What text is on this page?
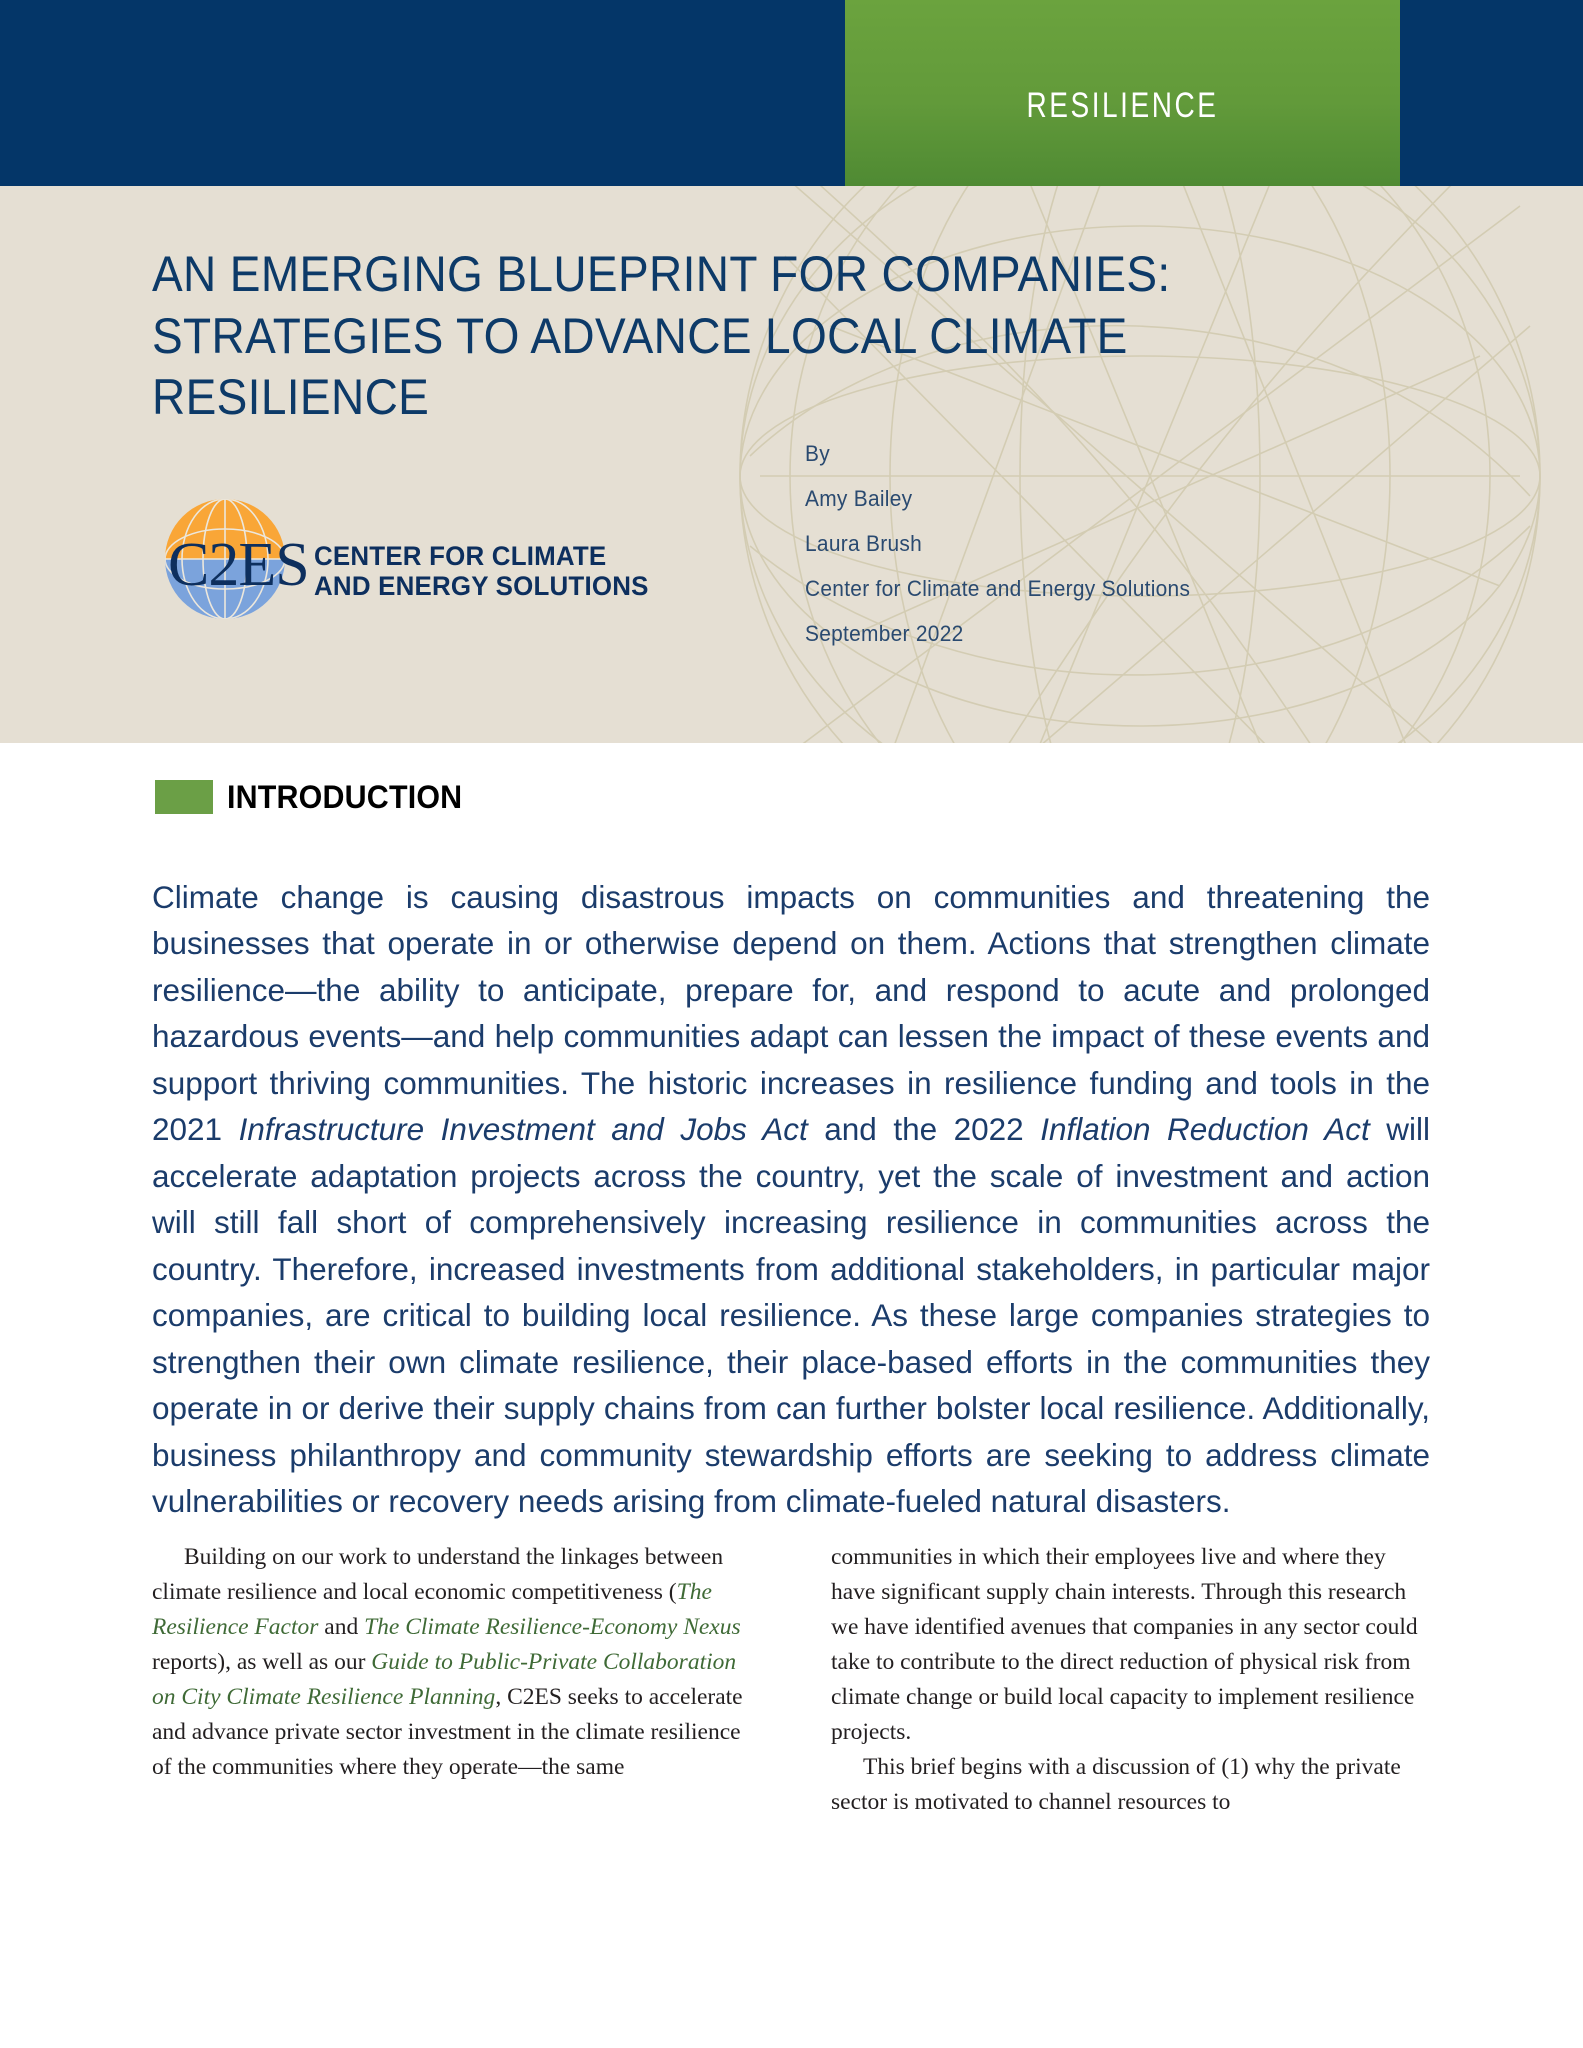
RESILIENCE
AN EMERGING BLUEPRINT FOR COMPANIES: STRATEGIES TO ADVANCE LOCAL CLIMATE RESILIENCE
C2ES CENTER FOR CLIMATE
AND ENERGY SOLUTIONS
By
Amy Bailey
Laura Brush
Center for Climate and Energy Solutions
September 2022
INTRODUCTION

Climate change is causing disastrous impacts on communities and threatening the businesses that operate in or otherwise depend on them. Actions that strengthen climate resilience—the ability to anticipate, prepare for, and respond to acute and prolonged hazardous events—and help communities adapt can lessen the impact of these events and support thriving communities. The historic increases in resilience funding and tools in the 2021 Infrastructure Investment and Jobs Act and the 2022 Inflation Reduction Act will accelerate adaptation projects across the country, yet the scale of investment and action will still fall short of comprehensively increasing resilience in communities across the country. Therefore, increased investments from additional stakeholders, in particular major companies, are critical to building local resilience. As these large companies strategies to strengthen their own climate resilience, their place-based efforts in the communities they operate in or derive their supply chains from can further bolster local resilience. Additionally, business philanthropy and community stewardship efforts are seeking to address climate vulnerabilities or recovery needs arising from climate-fueled natural disasters.

Building on our work to understand the linkages between climate resilience and local economic competitiveness (The Resilience Factor and The Climate Resilience-Economy Nexus reports), as well as our Guide to Public-Private Collaboration on City Climate Resilience Planning, C2ES seeks to accelerate and advance private sector investment in the climate resilience of the communities where they operate—the same

communities in which their employees live and where they have significant supply chain interests. Through this research we have identified avenues that companies in any sector could take to contribute to the direct reduction of physical risk from climate change or build local capacity to implement resilience projects.

This brief begins with a discussion of (1) why the private sector is motivated to channel resources to
